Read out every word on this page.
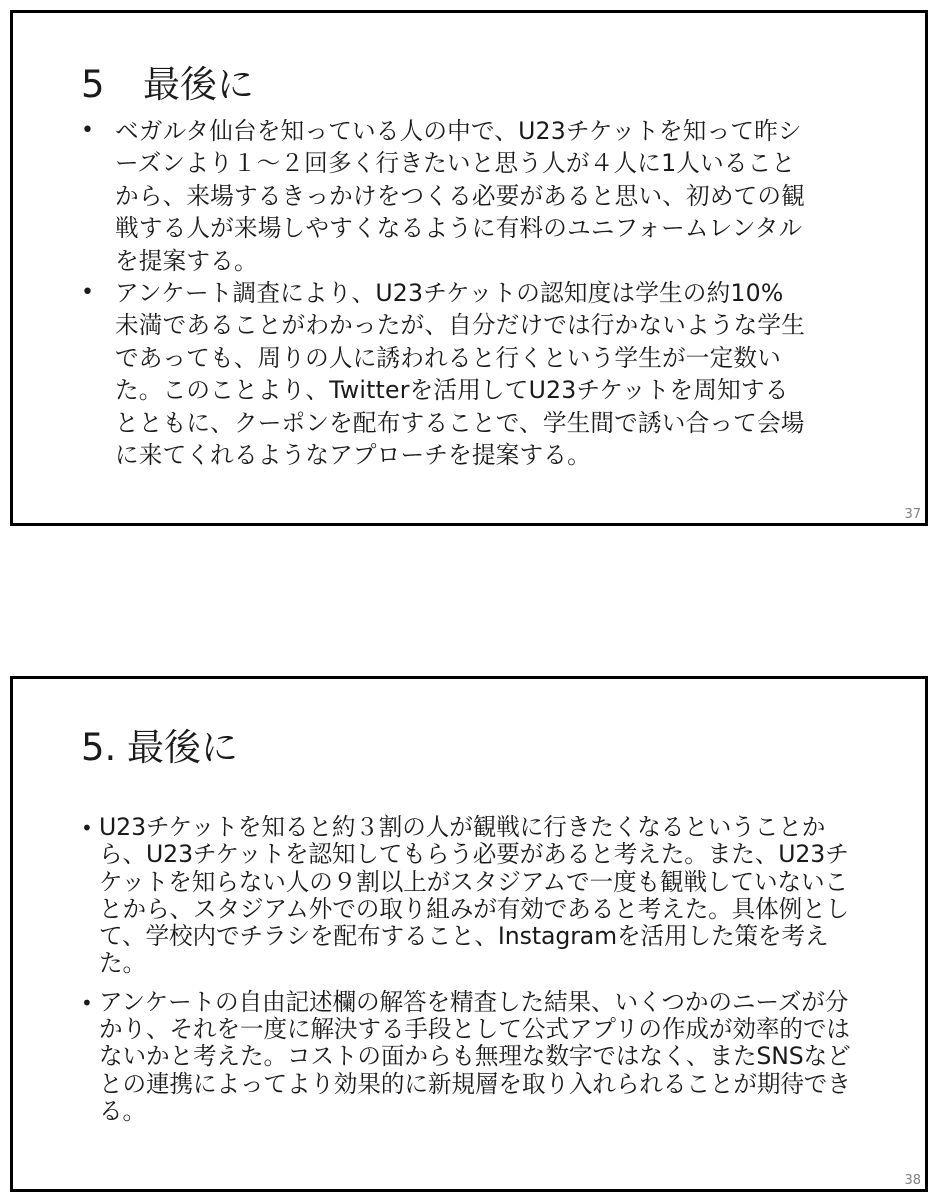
5 最後に
• ベガルタ仙台を知っている人の中で、U23チケットを知って昨シーズンより１～２回多く行きたいと思う人が４人に1人いることから、来場するきっかけをつくる必要があると思い、初めての観戦する人が来場しやすくなるように有料のユニフォームレンタルを提案する。
• アンケート調査により、U23チケットの認知度は学生の約10%未満であることがわかったが、自分だけでは行かないような学生であっても、周りの人に誘われると行くという学生が一定数いた。このことより、Twitterを活用してU23チケットを周知するとともに、クーポンを配布することで、学生間で誘い合って会場に来てくれるようなアプローチを提案する。
37
5. 最後に
• U23チケットを知ると約３割の人が観戦に行きたくなるということから、U23チケットを認知してもらう必要があると考えた。また、U23チケットを知らない人の９割以上がスタジアムで一度も観戦していないことから、スタジアム外での取り組みが有効であると考えた。具体例として、学校内でチラシを配布すること、Instagramを活用した策を考えた。
• アンケートの自由記述欄の解答を精査した結果、いくつかのニーズが分かり、それを一度に解決する手段として公式アプリの作成が効率的ではないかと考えた。コストの面からも無理な数字ではなく、またSNSなどとの連携によってより効果的に新規層を取り入れられることが期待できる。
38
